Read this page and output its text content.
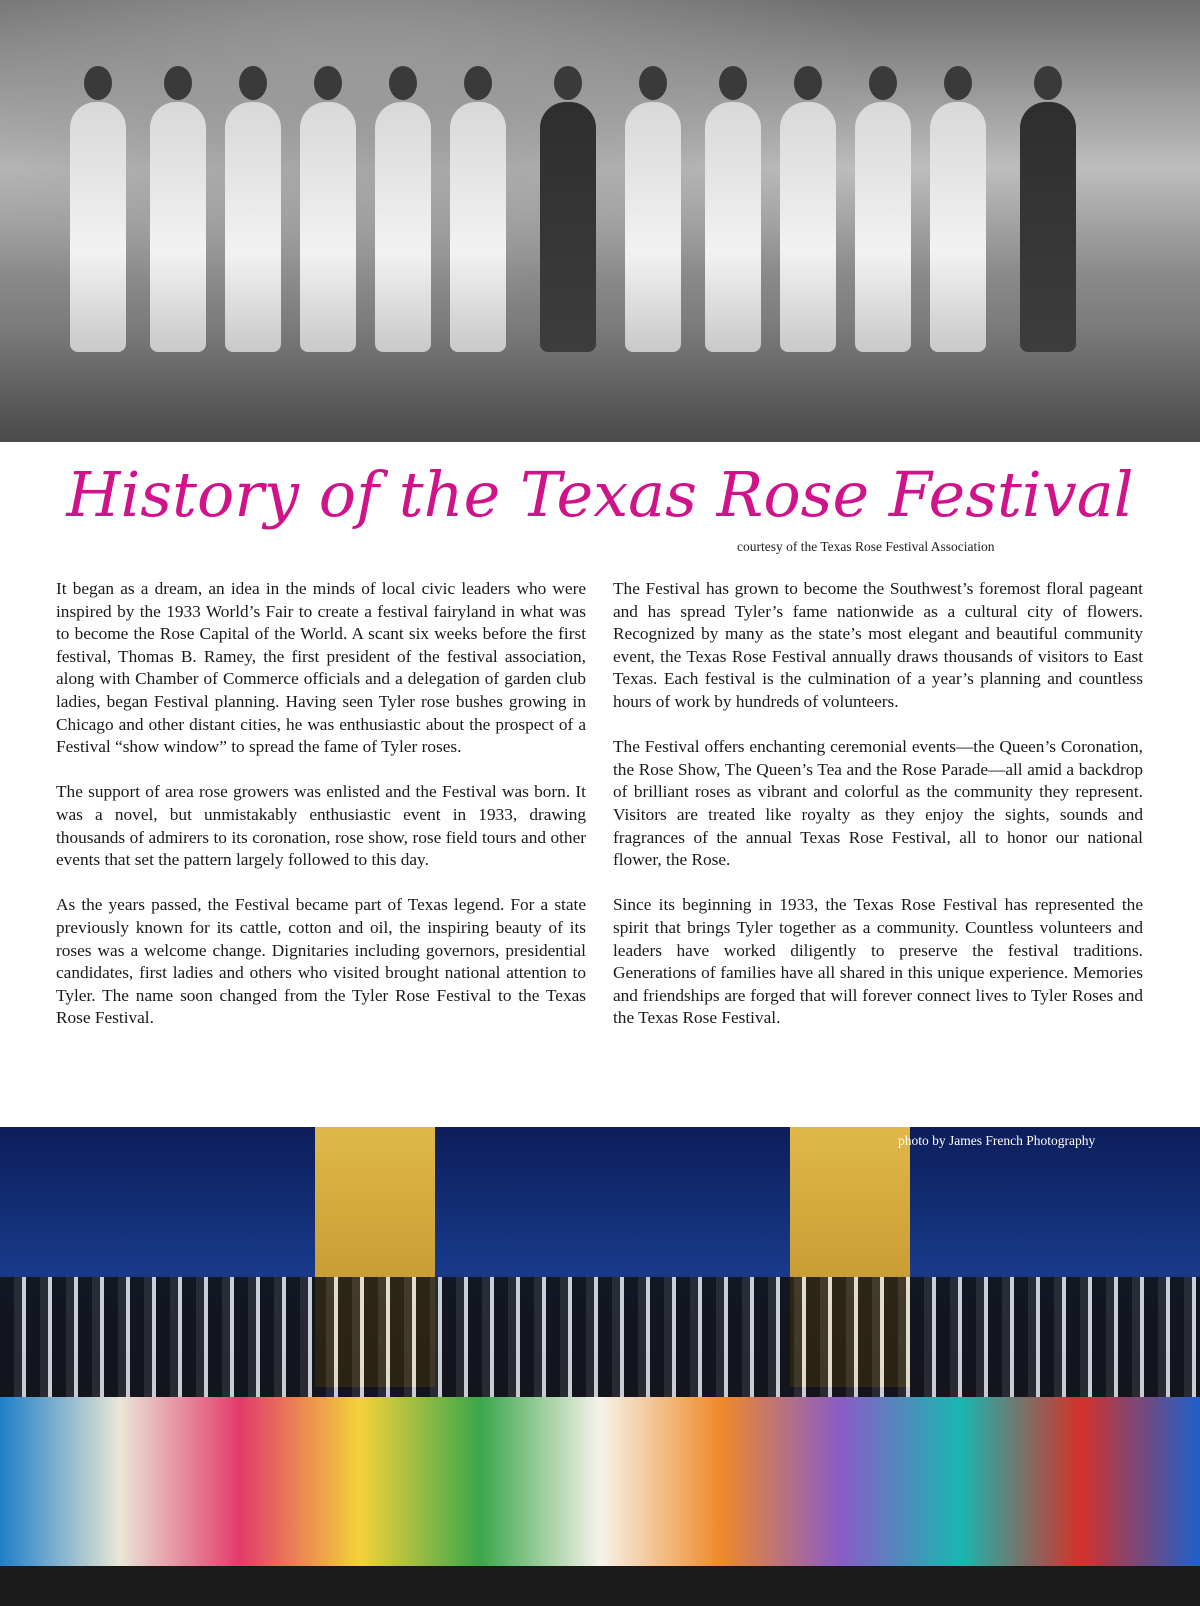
History of the Texas Rose Festival

courtesy of the Texas Rose Festival Association

It began as a dream, an idea in the minds of local civic leaders who were inspired by the 1933 World’s Fair to create a festival fairyland in what was to become the Rose Capital of the World. A scant six weeks before the first festival, Thomas B. Ramey, the first president of the festival association, along with Chamber of Commerce officials and a delegation of garden club ladies, began Festival planning. Having seen Tyler rose bushes growing in Chicago and other distant cities, he was enthusiastic about the prospect of a Festival “show window” to spread the fame of Tyler roses.

The support of area rose growers was enlisted and the Festival was born. It was a novel, but unmistakably enthusiastic event in 1933, drawing thousands of admirers to its coronation, rose show, rose field tours and other events that set the pattern largely followed to this day.

As the years passed, the Festival became part of Texas legend. For a state previously known for its cattle, cotton and oil, the inspiring beauty of its roses was a welcome change. Dignitaries including governors, presidential candidates, first ladies and others who visited brought national attention to Tyler. The name soon changed from the Tyler Rose Festival to the Texas Rose Festival.

The Festival has grown to become the Southwest’s foremost floral pageant and has spread Tyler’s fame nationwide as a cultural city of flowers. Recognized by many as the state’s most elegant and beautiful community event, the Texas Rose Festival annually draws thousands of visitors to East Texas. Each festival is the culmination of a year’s planning and countless hours of work by hundreds of volunteers.

The Festival offers enchanting ceremonial events—the Queen’s Coronation, the Rose Show, The Queen’s Tea and the Rose Parade—all amid a backdrop of brilliant roses as vibrant and colorful as the community they represent. Visitors are treated like royalty as they enjoy the sights, sounds and fragrances of the annual Texas Rose Festival, all to honor our national flower, the Rose.

Since its beginning in 1933, the Texas Rose Festival has represented the spirit that brings Tyler together as a community. Countless volunteers and leaders have worked diligently to preserve the festival traditions. Generations of families have all shared in this unique experience. Memories and friendships are forged that will forever connect lives to Tyler Roses and the Texas Rose Festival.

photo by James French Photography
